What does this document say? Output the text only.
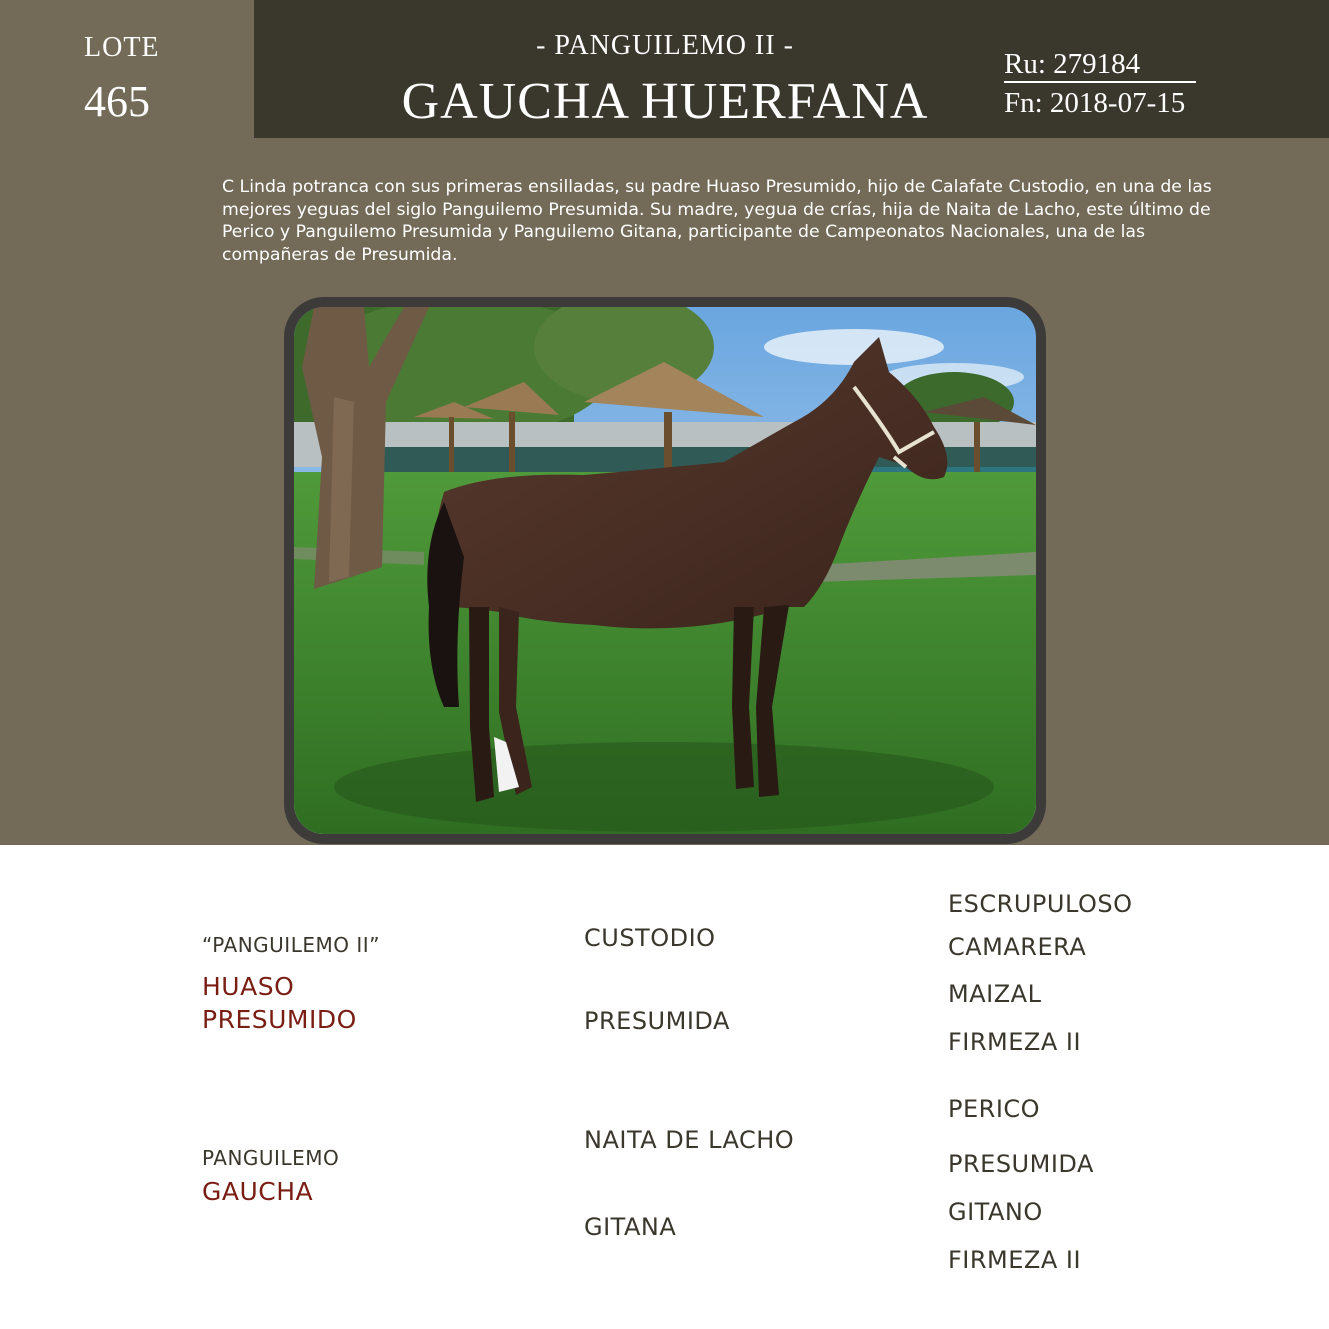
LOTE
465
- PANGUILEMO II -
GAUCHA HUERFANA
Ru: 279184
Fn: 2018-07-15
C Linda potranca con sus primeras ensilladas, su padre Huaso Presumido, hijo de Calafate Custodio, en una de las mejores yeguas del siglo Panguilemo Presumida. Su madre, yegua de crías, hija de Naita de Lacho, este último de Perico y Panguilemo Presumida y Panguilemo Gitana, participante de Campeonatos Nacionales, una de las compañeras de Presumida.
“PANGUILEMO II”
HUASO
PRESUMIDO
PANGUILEMO
GAUCHA
CUSTODIO
PRESUMIDA
NAITA DE LACHO
GITANA
ESCRUPULOSO
CAMARERA
MAIZAL
FIRMEZA II
PERICO
PRESUMIDA
GITANO
FIRMEZA II
